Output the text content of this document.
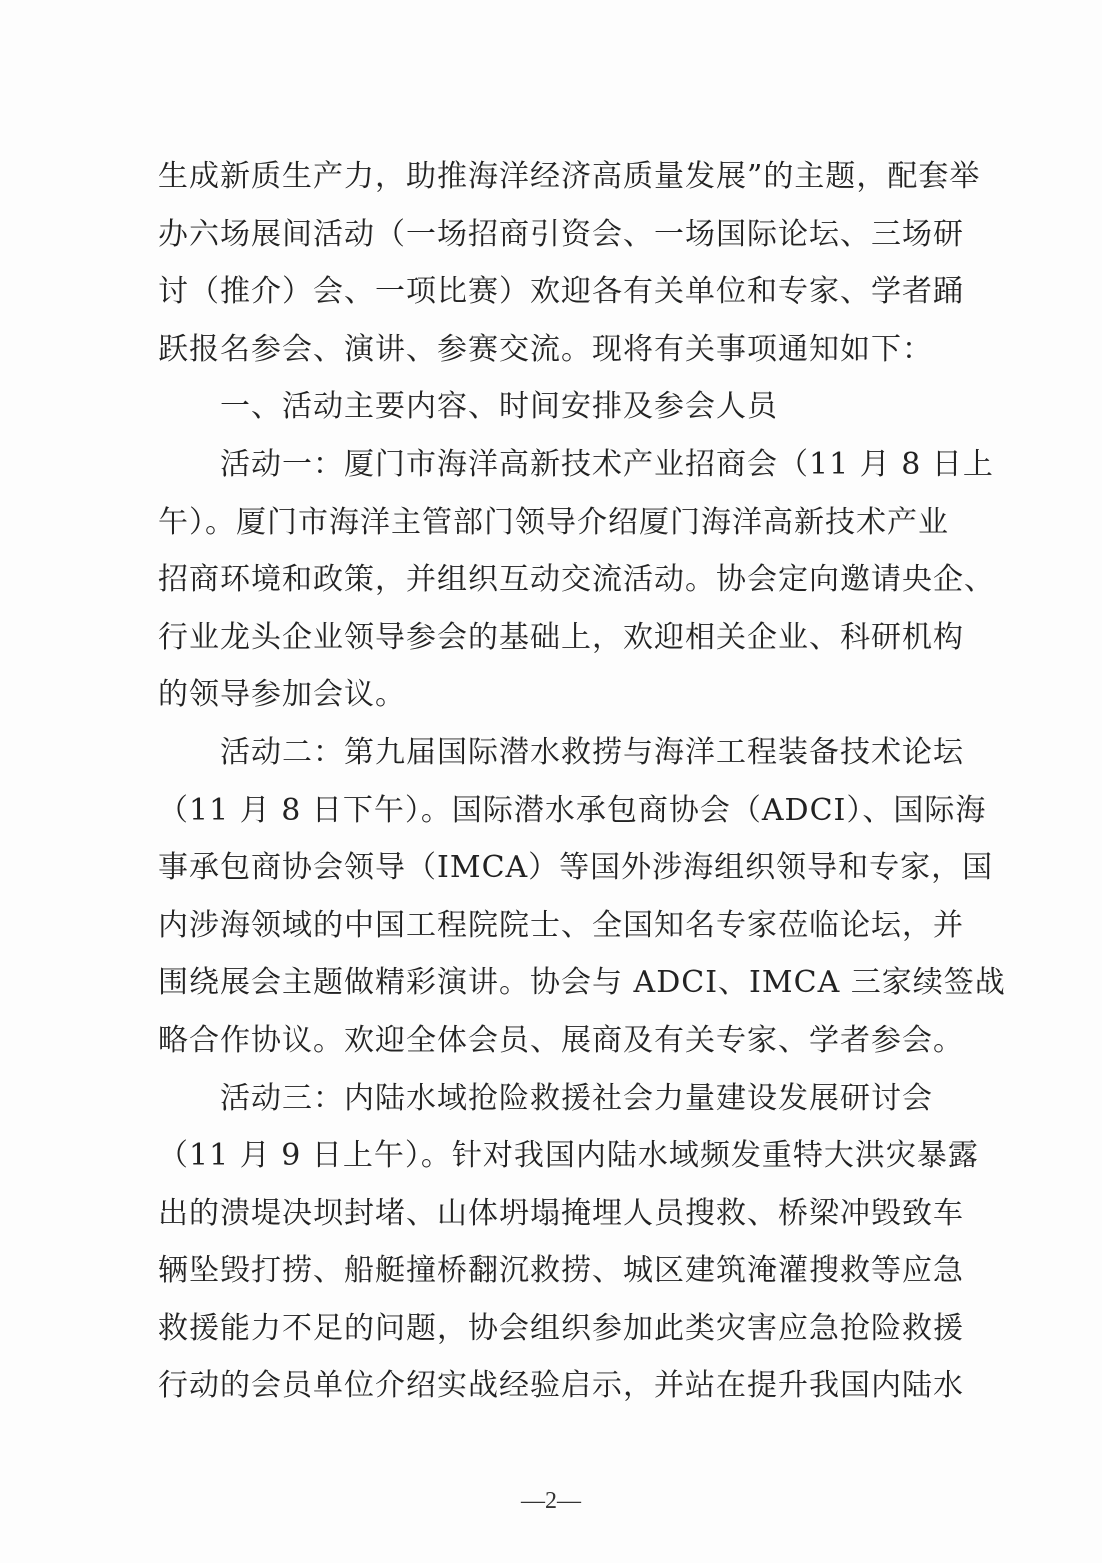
生成新质生产力，助推海洋经济高质量发展”的主题，配套举
办六场展间活动（一场招商引资会、一场国际论坛、三场研
讨（推介）会、一项比赛）欢迎各有关单位和专家、学者踊
跃报名参会、演讲、参赛交流。现将有关事项通知如下：
　　一、活动主要内容、时间安排及参会人员
　　活动一：厦门市海洋高新技术产业招商会（11 月 8 日上
午）。厦门市海洋主管部门领导介绍厦门海洋高新技术产业
招商环境和政策，并组织互动交流活动。协会定向邀请央企、
行业龙头企业领导参会的基础上，欢迎相关企业、科研机构
的领导参加会议。
　　活动二：第九届国际潜水救捞与海洋工程装备技术论坛
（11 月 8 日下午）。国际潜水承包商协会（ADCI）、国际海
事承包商协会领导（IMCA）等国外涉海组织领导和专家，国
内涉海领域的中国工程院院士、全国知名专家莅临论坛，并
围绕展会主题做精彩演讲。协会与 ADCI、IMCA 三家续签战
略合作协议。欢迎全体会员、展商及有关专家、学者参会。
　　活动三：内陆水域抢险救援社会力量建设发展研讨会
（11 月 9 日上午）。针对我国内陆水域频发重特大洪灾暴露
出的溃堤决坝封堵、山体坍塌掩埋人员搜救、桥梁冲毁致车
辆坠毁打捞、船艇撞桥翻沉救捞、城区建筑淹灌搜救等应急
救援能力不足的问题，协会组织参加此类灾害应急抢险救援
行动的会员单位介绍实战经验启示，并站在提升我国内陆水
—2—
